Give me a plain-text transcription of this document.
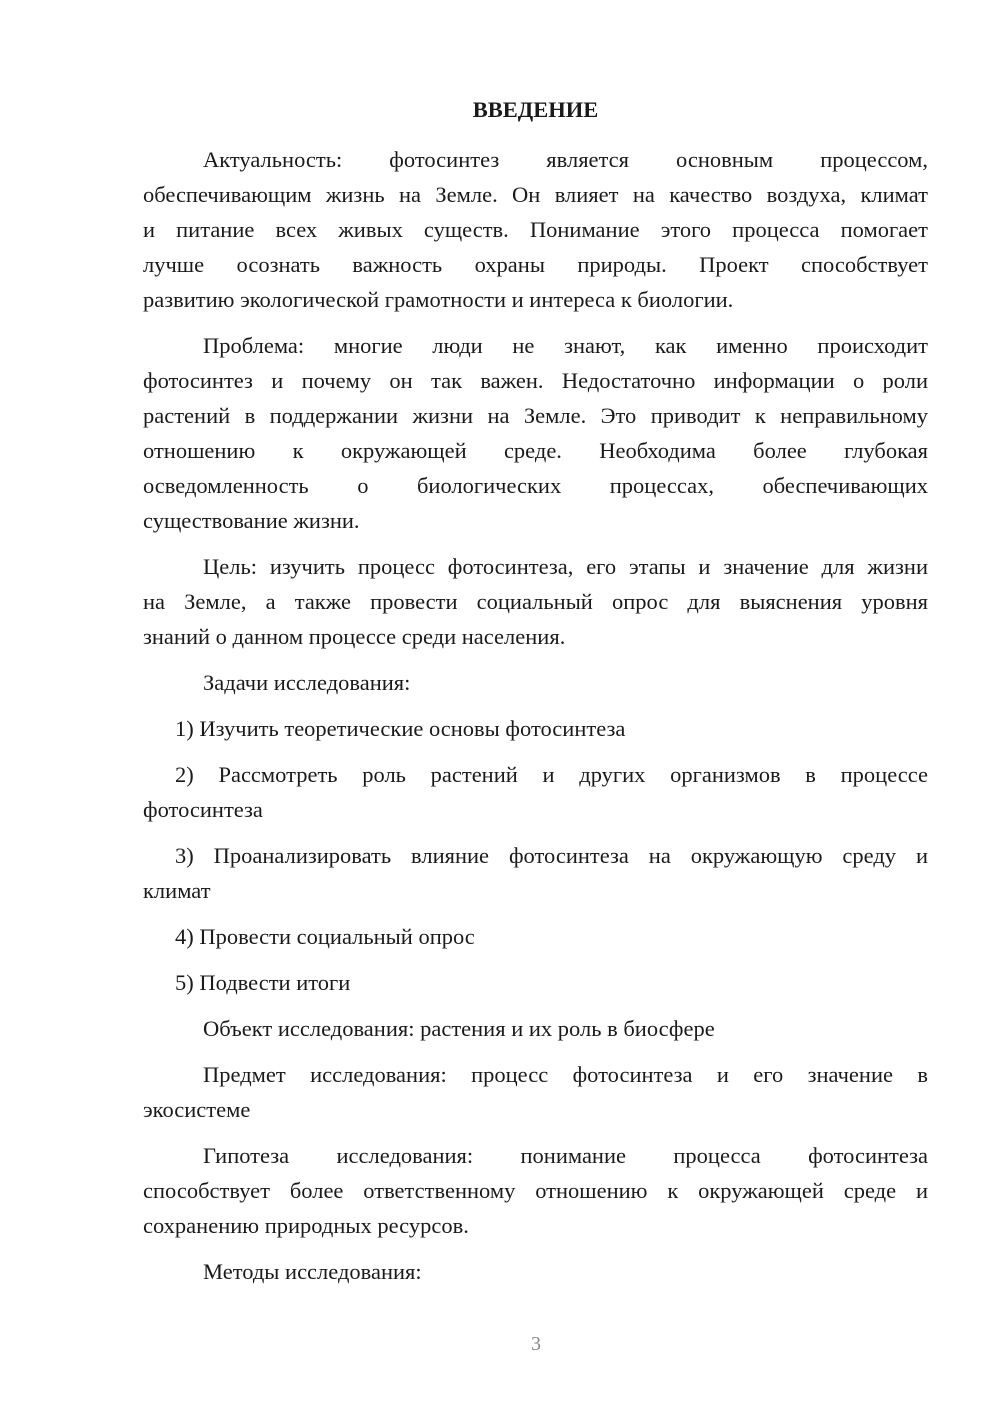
ВВЕДЕНИЕ
Актуальность: фотосинтез является основным процессом,
обеспечивающим жизнь на Земле. Он влияет на качество воздуха, климат
и питание всех живых существ. Понимание этого процесса помогает
лучше осознать важность охраны природы. Проект способствует
развитию экологической грамотности и интереса к биологии.
Проблема: многие люди не знают, как именно происходит
фотосинтез и почему он так важен. Недостаточно информации о роли
растений в поддержании жизни на Земле. Это приводит к неправильному
отношению к окружающей среде. Необходима более глубокая
осведомленность о биологических процессах, обеспечивающих
существование жизни.
Цель: изучить процесс фотосинтеза, его этапы и значение для жизни
на Земле, а также провести социальный опрос для выяснения уровня
знаний о данном процессе среди населения.
Задачи исследования:
1) Изучить теоретические основы фотосинтеза
2) Рассмотреть роль растений и других организмов в процессе
фотосинтеза
3) Проанализировать влияние фотосинтеза на окружающую среду и
климат
4) Провести социальный опрос
5) Подвести итоги
Объект исследования: растения и их роль в биосфере
Предмет исследования: процесс фотосинтеза и его значение в
экосистеме
Гипотеза исследования: понимание процесса фотосинтеза
способствует более ответственному отношению к окружающей среде и
сохранению природных ресурсов.
Методы исследования:
3
